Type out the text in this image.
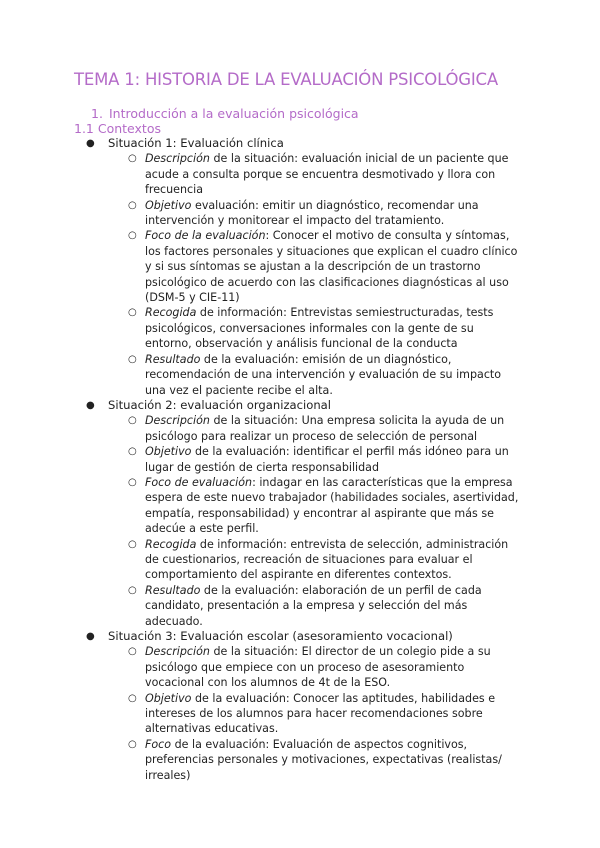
TEMA 1: HISTORIA DE LA EVALUACIÓN PSICOLÓGICA
1. Introducción a la evaluación psicológica
1.1 Contextos
● Situación 1: Evaluación clínica
○ Descripción de la situación: evaluación inicial de un paciente que acude a consulta porque se encuentra desmotivado y llora con frecuencia
○ Objetivo evaluación: emitir un diagnóstico, recomendar una intervención y monitorear el impacto del tratamiento.
○ Foco de la evaluación: Conocer el motivo de consulta y síntomas, los factores personales y situaciones que explican el cuadro clínico y si sus síntomas se ajustan a la descripción de un trastorno psicológico de acuerdo con las clasificaciones diagnósticas al uso (DSM-5 y CIE-11)
○ Recogida de información: Entrevistas semiestructuradas, tests psicológicos, conversaciones informales con la gente de su entorno, observación y análisis funcional de la conducta
○ Resultado de la evaluación: emisión de un diagnóstico, recomendación de una intervención y evaluación de su impacto una vez el paciente recibe el alta.
● Situación 2: evaluación organizacional
○ Descripción de la situación: Una empresa solicita la ayuda de un psicólogo para realizar un proceso de selección de personal
○ Objetivo de la evaluación: identificar el perfil más idóneo para un lugar de gestión de cierta responsabilidad
○ Foco de evaluación: indagar en las características que la empresa espera de este nuevo trabajador (habilidades sociales, asertividad, empatía, responsabilidad) y encontrar al aspirante que más se adecúe a este perfil.
○ Recogida de información: entrevista de selección, administración de cuestionarios, recreación de situaciones para evaluar el comportamiento del aspirante en diferentes contextos.
○ Resultado de la evaluación: elaboración de un perfil de cada candidato, presentación a la empresa y selección del más adecuado.
● Situación 3: Evaluación escolar (asesoramiento vocacional)
○ Descripción de la situación: El director de un colegio pide a su psicólogo que empiece con un proceso de asesoramiento vocacional con los alumnos de 4t de la ESO.
○ Objetivo de la evaluación: Conocer las aptitudes, habilidades e intereses de los alumnos para hacer recomendaciones sobre alternativas educativas.
○ Foco de la evaluación: Evaluación de aspectos cognitivos, preferencias personales y motivaciones, expectativas (realistas/ irreales)
